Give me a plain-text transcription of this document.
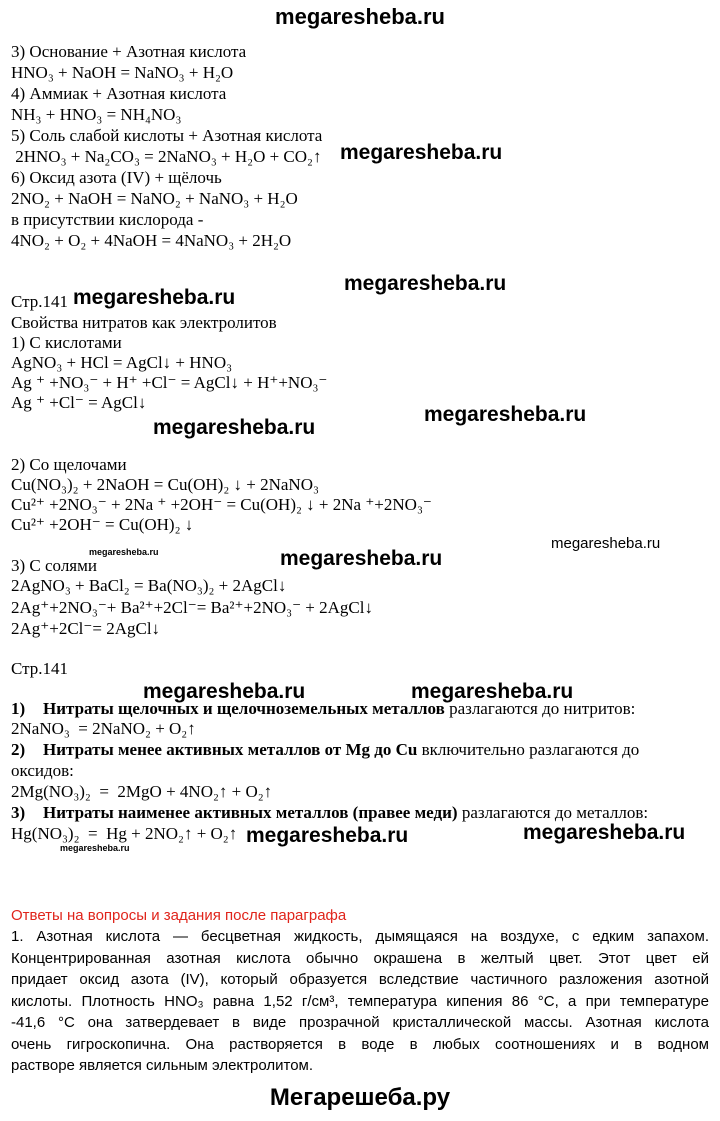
megaresheba.ru
3) Основание + Азотная кислота
HNO₃ + NaOH = NaNO₃ + H₂O
4) Аммиак + Азотная кислота
NH₃ + HNO₃ = NH₄NO₃
5) Соль слабой кислоты + Азотная кислота
2HNO₃ + Na₂CO₃ = 2NaNO₃ + H₂O + CO₂↑
6) Оксид азота (IV) + щёлочь
2NO₂ + NaOH = NaNO₂ + NaNO₃ + H₂O
в присутствии кислорода -
4NO₂ + O₂ + 4NaOH = 4NaNO₃ + 2H₂O
megaresheba.ru
megaresheba.ru
megaresheba.ru
Стр.141
Свойства нитратов как электролитов
1) С кислотами
AgNO₃ + HCl = AgCl↓ + HNO₃
Ag ⁺ +NO₃⁻ + H⁺ +Cl⁻ = AgCl↓ + H⁺+NO₃⁻
Ag ⁺ +Cl⁻ = AgCl↓
megaresheba.ru
megaresheba.ru
2) Со щелочами
Cu(NO₃)₂ + 2NaOH = Cu(OH)₂ ↓ + 2NaNO₃
Cu²⁺ +2NO₃⁻ + 2Na ⁺ +2OH⁻ = Cu(OH)₂ ↓ + 2Na ⁺+2NO₃⁻
Cu²⁺ +2OH⁻ = Cu(OH)₂ ↓
megaresheba.ru	megaresheba.ru
megaresheba.ru
3) С солями
2AgNO₃ + BaCl₂ = Ba(NO₃)₂ + 2AgCl↓
2Ag⁺+2NO₃⁻+ Ba²⁺+2Cl⁻= Ba²⁺+2NO₃⁻ + 2AgCl↓
2Ag⁺+2Cl⁻= 2AgCl↓
Стр.141
megaresheba.ru	megaresheba.ru
1) Нитраты щелочных и щелочноземельных металлов разлагаются до нитритов:
2NaNO₃  = 2NaNO₂ + O₂↑
2) Нитраты менее активных металлов от Mg до Cu включительно разлагаются до
оксидов:
2Mg(NO₃)₂  =  2MgO + 4NO₂↑ + O₂↑
3) Нитраты наименее активных металлов (правее меди) разлагаются до металлов:
Hg(NO₃)₂  =  Hg + 2NO₂↑ + O₂↑ megaresheba.ru	megaresheba.ru
megaresheba.ru
Ответы на вопросы и задания после параграфа
1. Азотная кислота — бесцветная жидкость, дымящаяся на воздухе, с едким запахом.
Концентрированная азотная кислота обычно окрашена в желтый цвет. Этот цвет ей
придает оксид азота (IV), который образуется вследствие частичного разложения азотной
кислоты. Плотность HNO₃ равна 1,52 г/см³, температура кипения 86 °С, а при температуре
-41,6 °С она затвердевает в виде прозрачной кристаллической массы. Азотная кислота
очень гигроскопична. Она растворяется в воде в любых соотношениях и в водном
растворе является сильным электролитом.
Мегарешеба.ру
